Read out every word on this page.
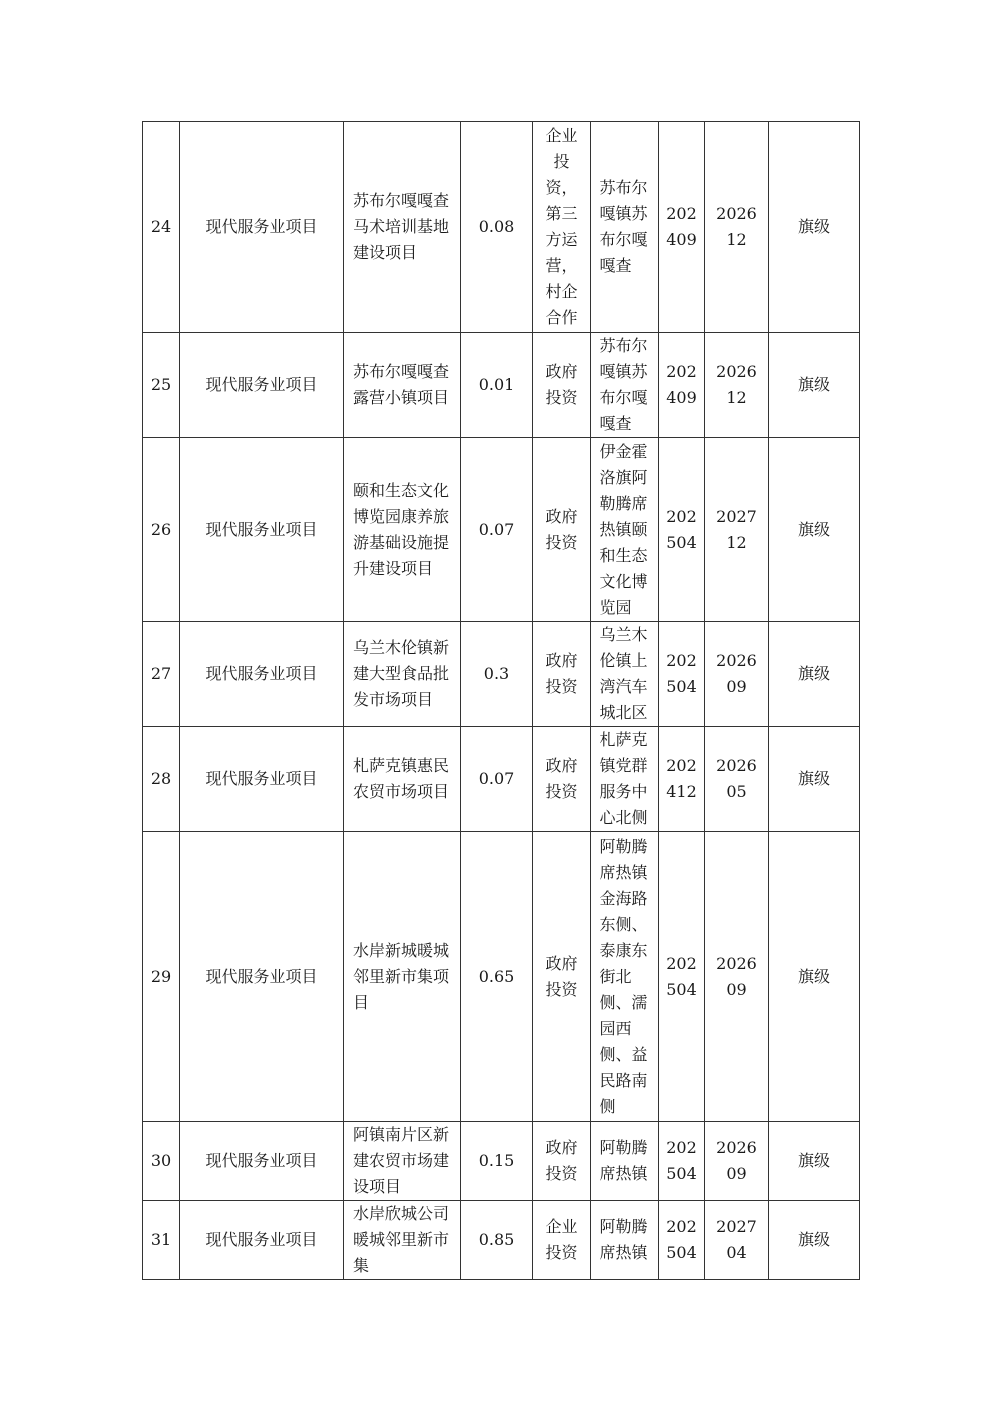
24	现代服务业项目	苏布尔嘎嘎查马术培训基地建设项目	0.08	企业投资，第三方运营，村企合作	苏布尔嘎镇苏布尔嘎嘎查	202409	202612	旗级
25	现代服务业项目	苏布尔嘎嘎查露营小镇项目	0.01	政府投资	苏布尔嘎镇苏布尔嘎嘎查	202409	202612	旗级
26	现代服务业项目	颐和生态文化博览园康养旅游基础设施提升建设项目	0.07	政府投资	伊金霍洛旗阿勒腾席热镇颐和生态文化博览园	202504	202712	旗级
27	现代服务业项目	乌兰木伦镇新建大型食品批发市场项目	0.3	政府投资	乌兰木伦镇上湾汽车城北区	202504	202609	旗级
28	现代服务业项目	札萨克镇惠民农贸市场项目	0.07	政府投资	札萨克镇党群服务中心北侧	202412	202605	旗级
29	现代服务业项目	水岸新城暖城邻里新市集项目	0.65	政府投资	阿勒腾席热镇金海路东侧、泰康东街北侧、濡园西侧、益民路南侧	202504	202609	旗级
30	现代服务业项目	阿镇南片区新建农贸市场建设项目	0.15	政府投资	阿勒腾席热镇	202504	202609	旗级
31	现代服务业项目	水岸欣城公司暖城邻里新市集	0.85	企业投资	阿勒腾席热镇	202504	202704	旗级
